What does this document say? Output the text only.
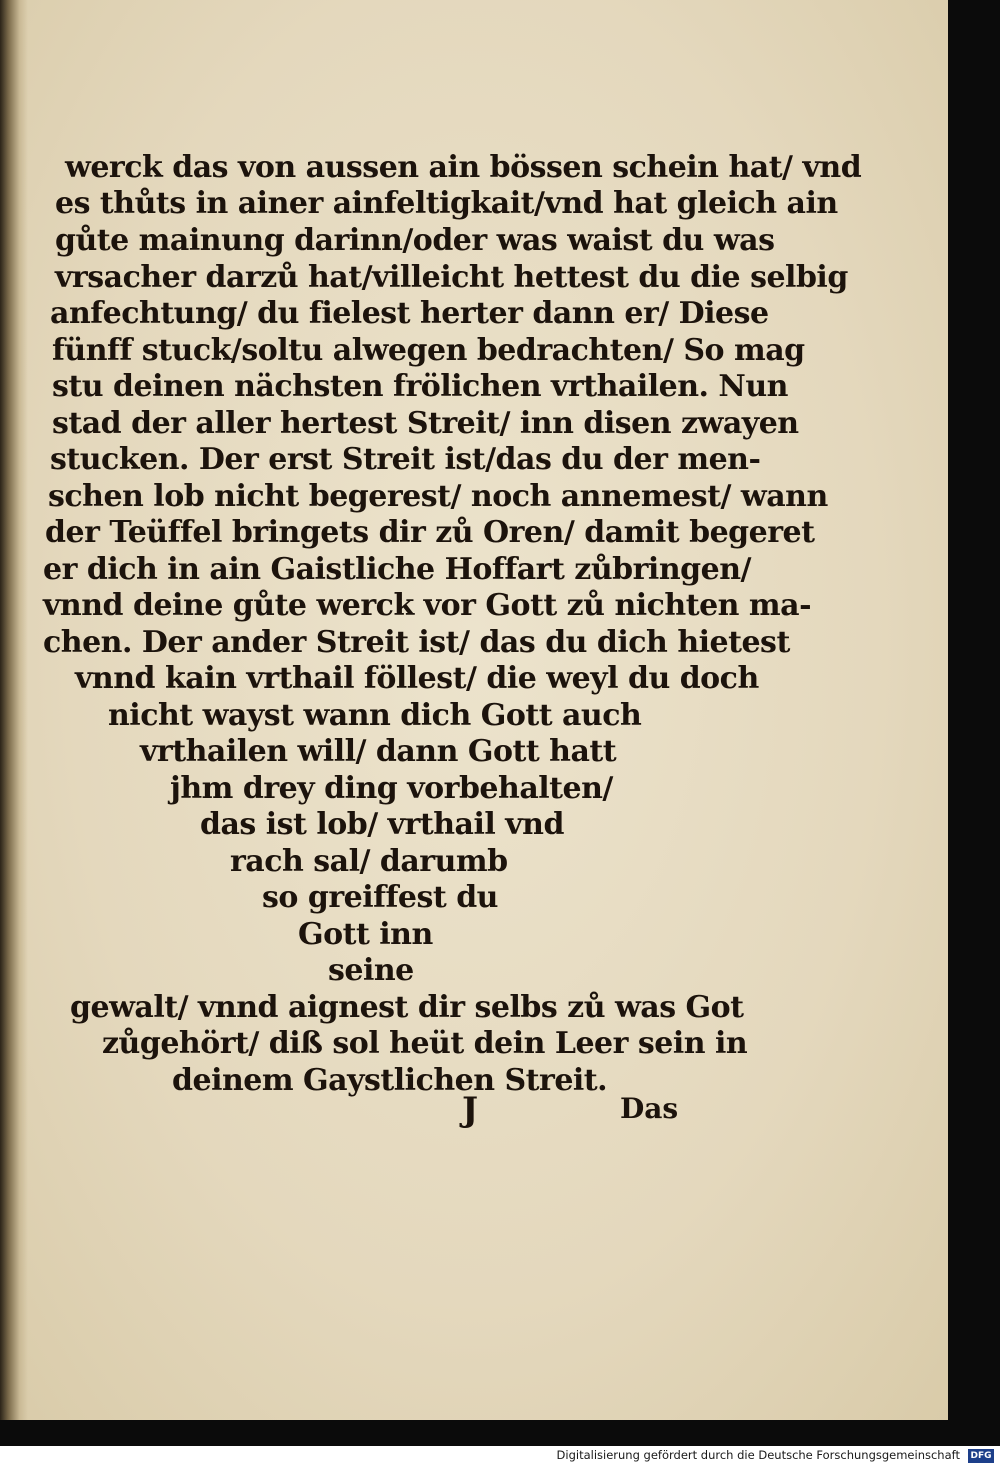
werck das von aussen ain bössen schein hat/ vnd
es thůts in ainer ainfeltigkait/vnd hat gleich ain
gůte mainung darinn/oder was waist du was
vrsacher darzů hat/villeicht hettest du die selbig
anfechtung/ du fielest herter dann er/ Diese
fünff stuck/soltu alwegen bedrachten/ So mag
stu deinen nächsten frölichen vrthailen. Nun
stad der aller hertest Streit/ inn disen zwayen
stucken. Der erst Streit ist/das du der men-
schen lob nicht begerest/ noch annemest/ wann
der Teüffel bringets dir zů Oren/ damit begeret
er dich in ain Gaistliche Hoffart zůbringen/
vnnd deine gůte werck vor Gott zů nichten ma-
chen. Der ander Streit ist/ das du dich hietest
vnnd kain vrthail föllest/ die weyl du doch
nicht wayst wann dich Gott auch
vrthailen will/ dann Gott hatt
jhm drey ding vorbehalten/
das ist lob/ vrthail vnd
rach sal/ darumb
so greiffest du
Gott inn
seine
gewalt/ vnnd aignest dir selbs zů was Got
zůgehört/ diß sol heüt dein Leer sein in
deinem Gaystlichen Streit.
J	Das
Digitalisierung gefördert durch die Deutsche Forschungsgemeinschaft DFG
